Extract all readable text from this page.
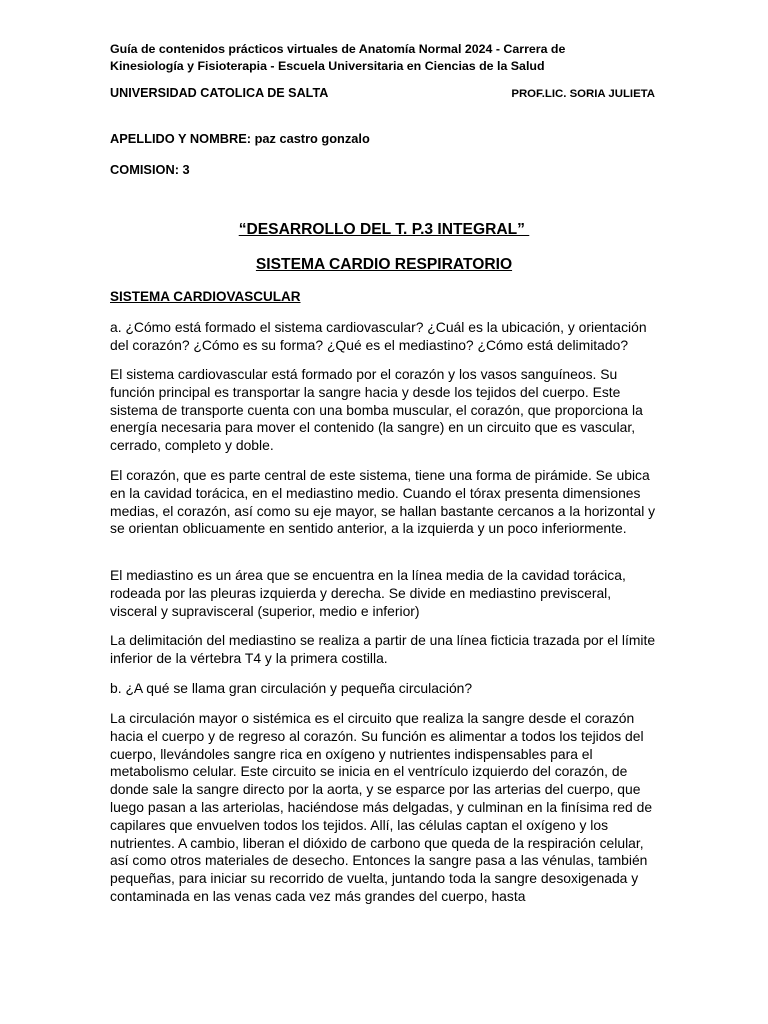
Guía de contenidos prácticos virtuales de Anatomía Normal 2024 - Carrera de
Kinesiología y Fisioterapia - Escuela Universitaria en Ciencias de la Salud
UNIVERSIDAD CATOLICA DE SALTA	PROF.LIC. SORIA JULIETA
APELLIDO Y NOMBRE: paz castro gonzalo
COMISION: 3
“DESARROLLO DEL T. P.3 INTEGRAL”
SISTEMA CARDIO RESPIRATORIO
SISTEMA CARDIOVASCULAR
a. ¿Cómo está formado el sistema cardiovascular? ¿Cuál es la ubicación, y orientación del corazón? ¿Cómo es su forma? ¿Qué es el mediastino? ¿Cómo está delimitado?
El sistema cardiovascular está formado por el corazón y los vasos sanguíneos. Su función principal es transportar la sangre hacia y desde los tejidos del cuerpo. Este sistema de transporte cuenta con una bomba muscular, el corazón, que proporciona la energía necesaria para mover el contenido (la sangre) en un circuito que es vascular, cerrado, completo y doble.
El corazón, que es parte central de este sistema, tiene una forma de pirámide. Se ubica en la cavidad torácica, en el mediastino medio. Cuando el tórax presenta dimensiones medias, el corazón, así como su eje mayor, se hallan bastante cercanos a la horizontal y se orientan oblicuamente en sentido anterior, a la izquierda y un poco inferiormente.
El mediastino es un área que se encuentra en la línea media de la cavidad torácica, rodeada por las pleuras izquierda y derecha. Se divide en mediastino previsceral, visceral y supravisceral (superior, medio e inferior)
La delimitación del mediastino se realiza a partir de una línea ficticia trazada por el límite inferior de la vértebra T4 y la primera costilla.
b. ¿A qué se llama gran circulación y pequeña circulación?
La circulación mayor o sistémica es el circuito que realiza la sangre desde el corazón hacia el cuerpo y de regreso al corazón. Su función es alimentar a todos los tejidos del cuerpo, llevándoles sangre rica en oxígeno y nutrientes indispensables para el metabolismo celular. Este circuito se inicia en el ventrículo izquierdo del corazón, de donde sale la sangre directo por la aorta, y se esparce por las arterias del cuerpo, que luego pasan a las arteriolas, haciéndose más delgadas, y culminan en la finísima red de capilares que envuelven todos los tejidos. Allí, las células captan el oxígeno y los nutrientes. A cambio, liberan el dióxido de carbono que queda de la respiración celular, así como otros materiales de desecho. Entonces la sangre pasa a las vénulas, también pequeñas, para iniciar su recorrido de vuelta, juntando toda la sangre desoxigenada y contaminada en las venas cada vez más grandes del cuerpo, hasta
